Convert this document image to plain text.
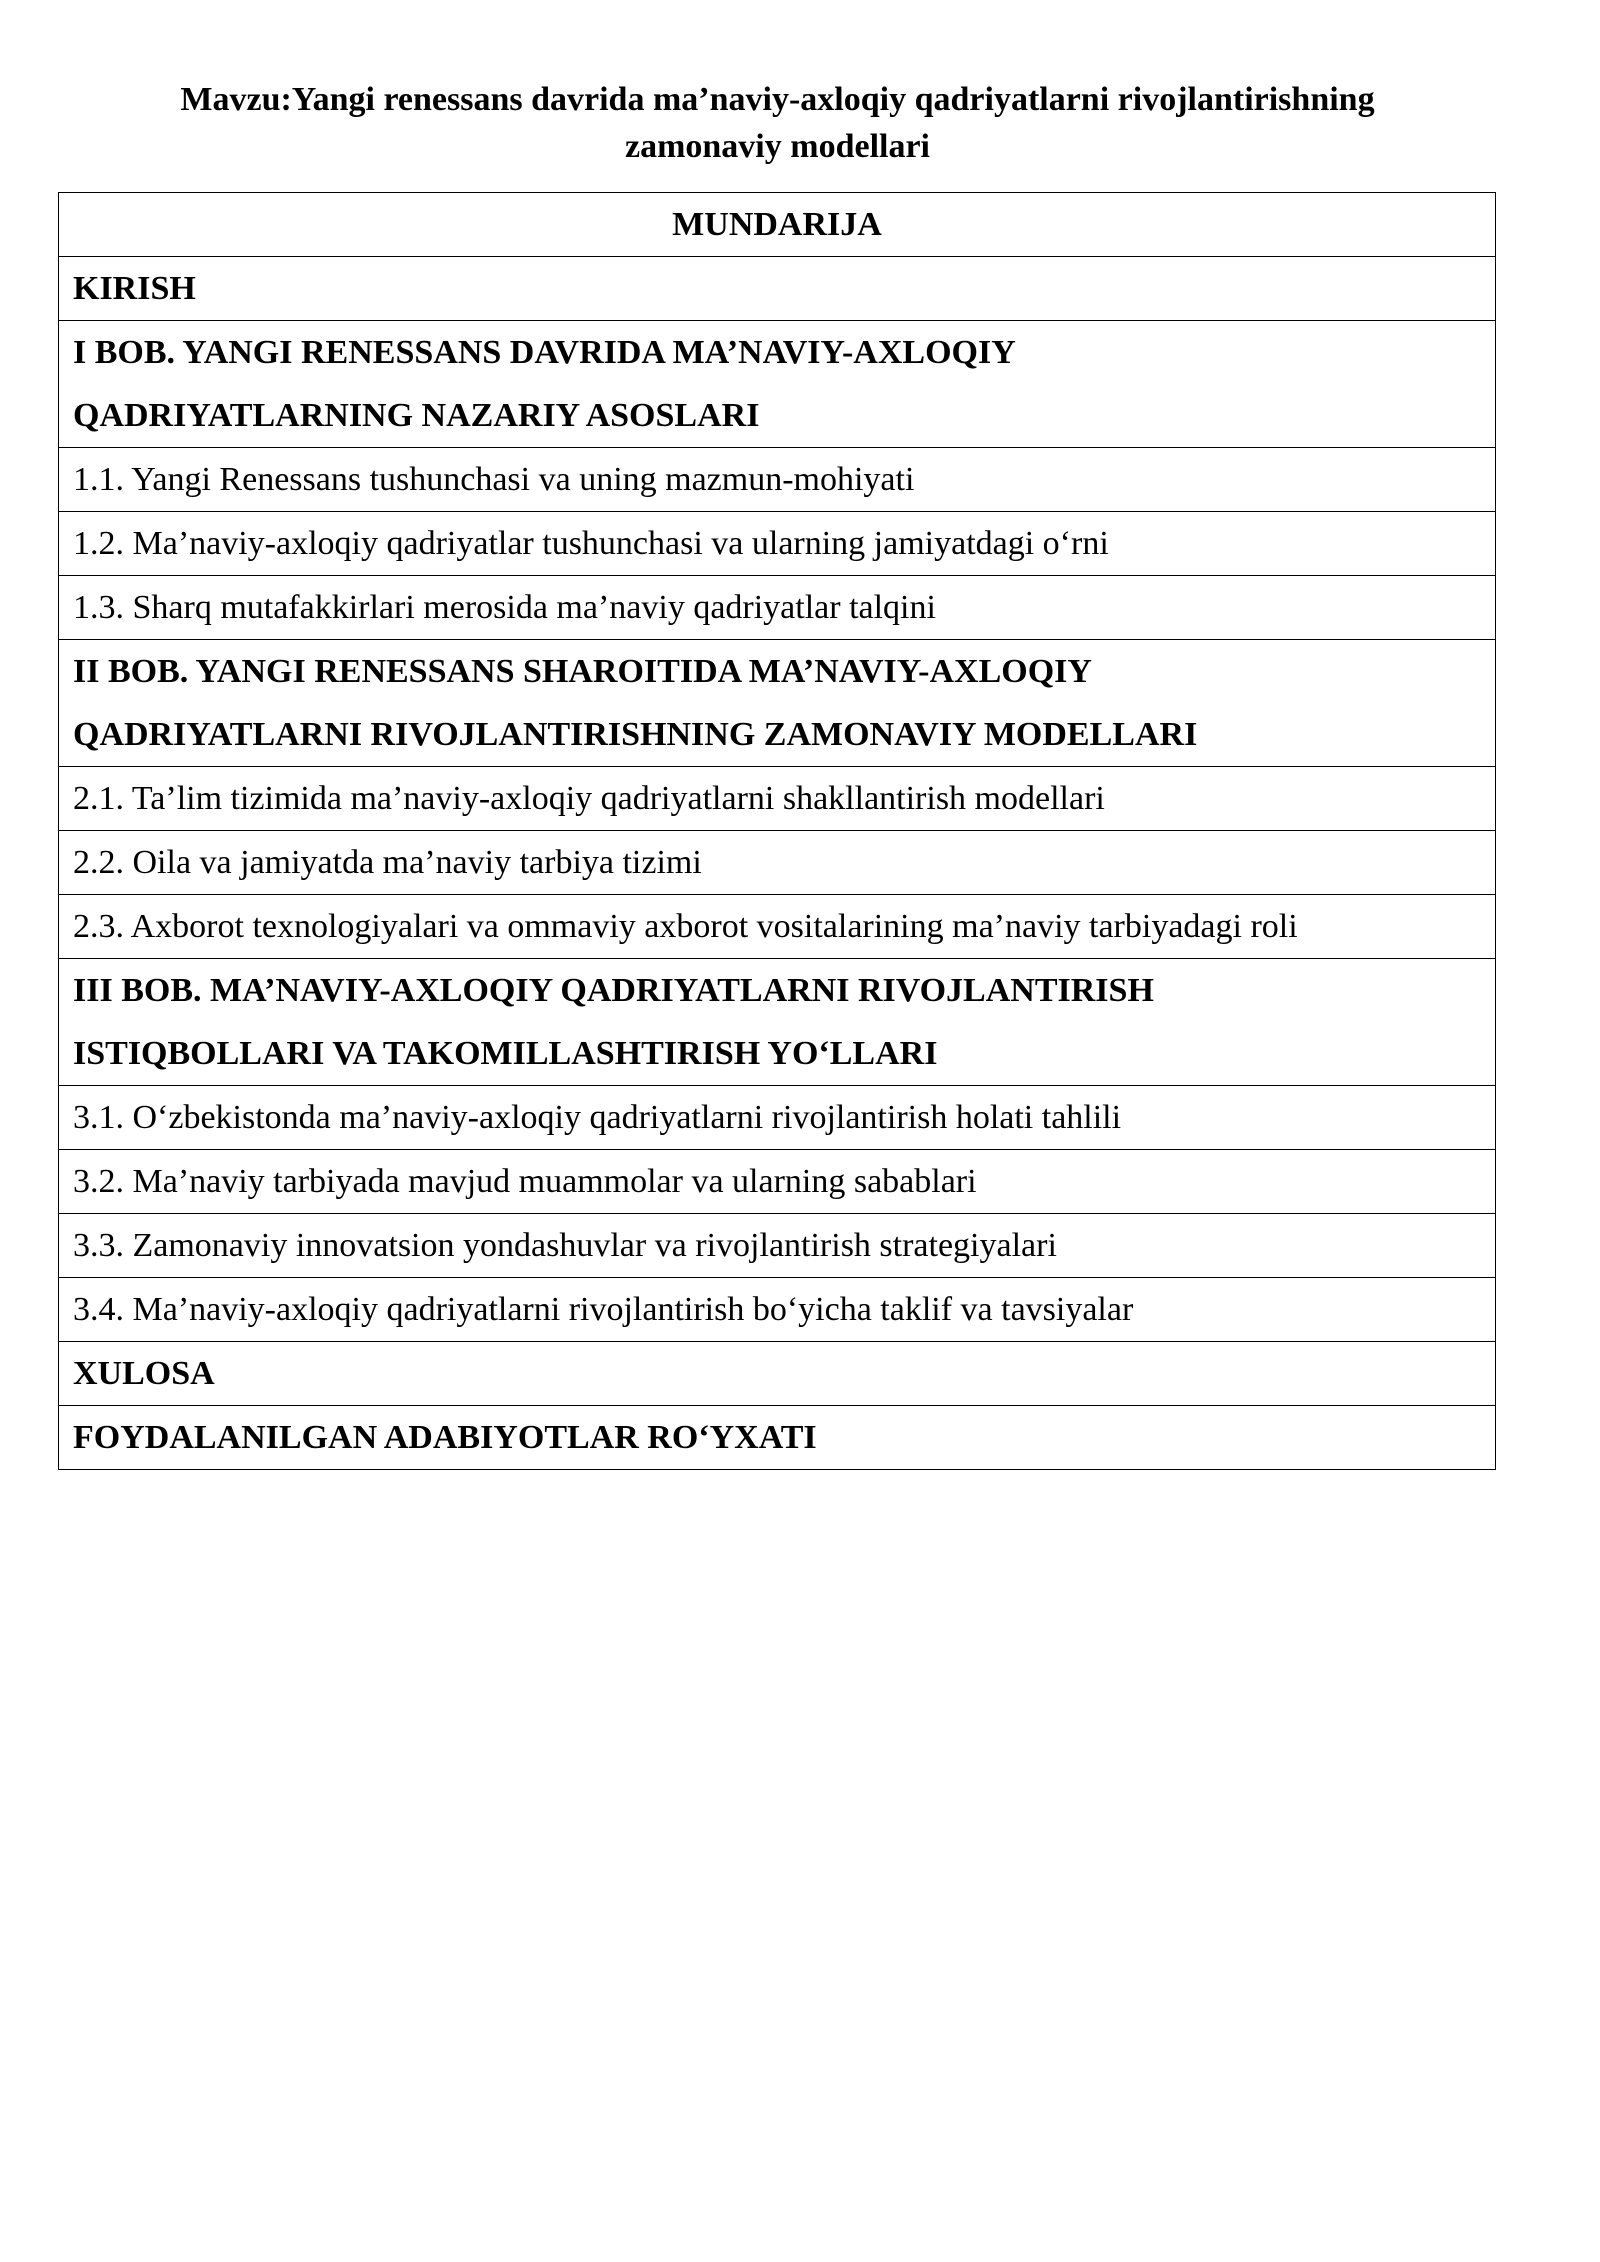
Mavzu:Yangi renessans davrida ma’naviy-axloqiy qadriyatlarni rivojlantirishning
zamonaviy modellari
MUNDARIJA
KIRISH

I BOB. YANGI RENESSANS DAVRIDA MA’NAVIY-AXLOQIY
QADRIYATLARNING NAZARIY ASOSLARI

1.1. Yangi Renessans tushunchasi va uning mazmun-mohiyati
1.2. Ma’naviy-axloqiy qadriyatlar tushunchasi va ularning jamiyatdagi o‘rni
1.3. Sharq mutafakkirlari merosida ma’naviy qadriyatlar talqini

II BOB. YANGI RENESSANS SHAROITIDA MA’NAVIY-AXLOQIY
QADRIYATLARNI RIVOJLANTIRISHNING ZAMONAVIY MODELLARI

2.1. Ta’lim tizimida ma’naviy-axloqiy qadriyatlarni shakllantirish modellari
2.2. Oila va jamiyatda ma’naviy tarbiya tizimi
2.3. Axborot texnologiyalari va ommaviy axborot vositalarining ma’naviy tarbiyadagi roli

III BOB. MA’NAVIY-AXLOQIY QADRIYATLARNI RIVOJLANTIRISH
ISTIQBOLLARI VA TAKOMILLASHTIRISH YO‘LLARI

3.1. O‘zbekistonda ma’naviy-axloqiy qadriyatlarni rivojlantirish holati tahlili
3.2. Ma’naviy tarbiyada mavjud muammolar va ularning sabablari
3.3. Zamonaviy innovatsion yondashuvlar va rivojlantirish strategiyalari
3.4. Ma’naviy-axloqiy qadriyatlarni rivojlantirish bo‘yicha taklif va tavsiyalar
XULOSA
FOYDALANILGAN ADABIYOTLAR RO‘YXATI
